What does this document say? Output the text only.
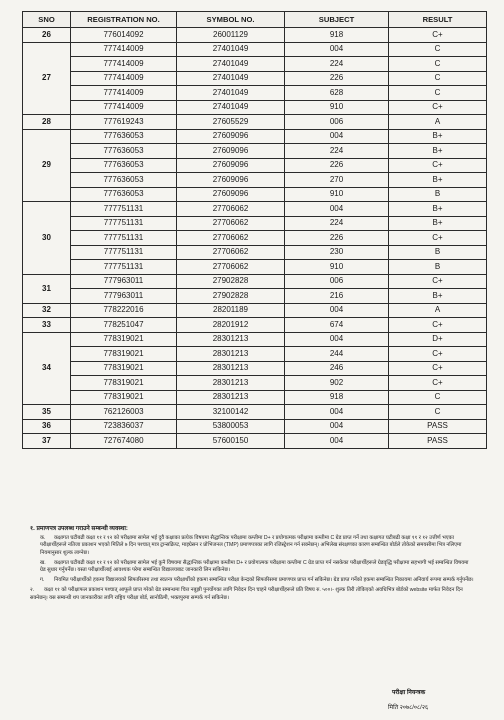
SNO	REGISTRATION NO.	SYMBOL NO.	SUBJECT	RESULT
26	776014092	26001129	918	C+
27	777414009	27401049	004	C
	777414009	27401049	224	C
	777414009	27401049	226	C
	777414009	27401049	628	C
	777414009	27401049	910	C+
28	777619243	27605529	006	A
29	777636053	27609096	004	B+
	777636053	27609096	224	B+
	777636053	27609096	226	C+
	777636053	27609096	270	B+
	777636053	27609096	910	B
30	777751131	27706062	004	B+
	777751131	27706062	224	B+
	777751131	27706062	226	C+
	777751131	27706062	230	B
	777751131	27706062	910	B
31	777963011	27902828	006	C+
	777963011	27902828	216	B+
32	778222016	28201189	004	A
33	778251047	28201912	674	C+
34	778319021	28301213	004	D+
	778319021	28301213	244	C+
	778319021	28301213	246	C+
	778319021	28301213	902	C+
	778319021	28301213	918	C
35	762126003	32100142	004	C
36	723836037	53800053	004	PASS
37	727674080	57600150	004	PASS
१. प्रमाणपत्र उपलब्ध गराउने सम्बन्धी व्यवस्था:
क. कक्षागत घटीबढी कक्षा ११ र १२ को परीक्षामा सामेल भई दुवै कक्षाका प्रत्येक विषयमा सैद्धान्तिक परीक्षामा कम्तीमा D+ र प्रयोगात्मक परीक्षामा कम्तीमा C ग्रेड प्राप्त गर्ने तथा कक्षागत घटीबढी कक्षा ११ र १२ उत्तीर्ण भएका परीक्षार्थीहरूले नतिजा प्रकाशन भएको मितिले ७ दिन पश्चात् मात्र ट्रान्सक्रिप्ट, माइग्रेसन र प्रोभिजनल (TMP) प्रमाणपत्रका लागि रजिस्ट्रेशन गर्न सक्नेछन्। अभिलेख संरक्षणका कारण सम्बन्धित बोर्डले तोकेको समयसीमा भित्र नलिएमा नियमानुसार शुल्क लाग्नेछ।
ख. कक्षागत घटीबढी कक्षा ११ र १२ को परीक्षामा सामेल भई कुनै विषयमा सैद्धान्तिक परीक्षामा कम्तीमा D+ र प्रयोगात्मक परीक्षामा कम्तीमा C ग्रेड प्राप्त गर्न नसकेका परीक्षार्थीहरूले ग्रेडवृद्धि परीक्षामा सहभागी भई सम्बन्धित विषयमा ग्रेड सुधार गर्नुपर्नेछ। यस्ता परीक्षार्थीलाई आवश्यक परेमा सम्बन्धित विद्यालयबाट जानकारी लिन सकिनेछ।
ग. नियमित परीक्षार्थीको हकमा विद्यालयको सिफारिसमा तथा स्वतन्त्र परीक्षार्थीको हकमा सम्बन्धित परीक्षा केन्द्रको सिफारिसमा प्रमाणपत्र प्राप्त गर्न सकिनेछ। ग्रेड प्राप्त गर्नेको हकमा सम्बन्धित निकायमा अनिवार्य रूपमा सम्पर्क गर्नुपर्नेछ।
२. कक्षा ११ को परीक्षाफल प्रकाशन पश्चात् आफूले प्राप्त गरेको ग्रेड सम्बन्धमा चित्त नबुझी पुनर्योगका लागि निवेदन दिन चाहने परीक्षार्थीहरूले प्रति विषय रु. ५००।- शुल्क तिरी तोकिएको अवधिभित्र बोर्डको website मार्फत निवेदन दिन सक्नेछन्। यस सम्बन्धी थप जानकारीका लागि राष्ट्रिय परीक्षा बोर्ड, सानोठिमी, भक्तपुरमा सम्पर्क गर्न सकिनेछ।
परीक्षा नियन्त्रक
मिति २०७८/०८/२६
